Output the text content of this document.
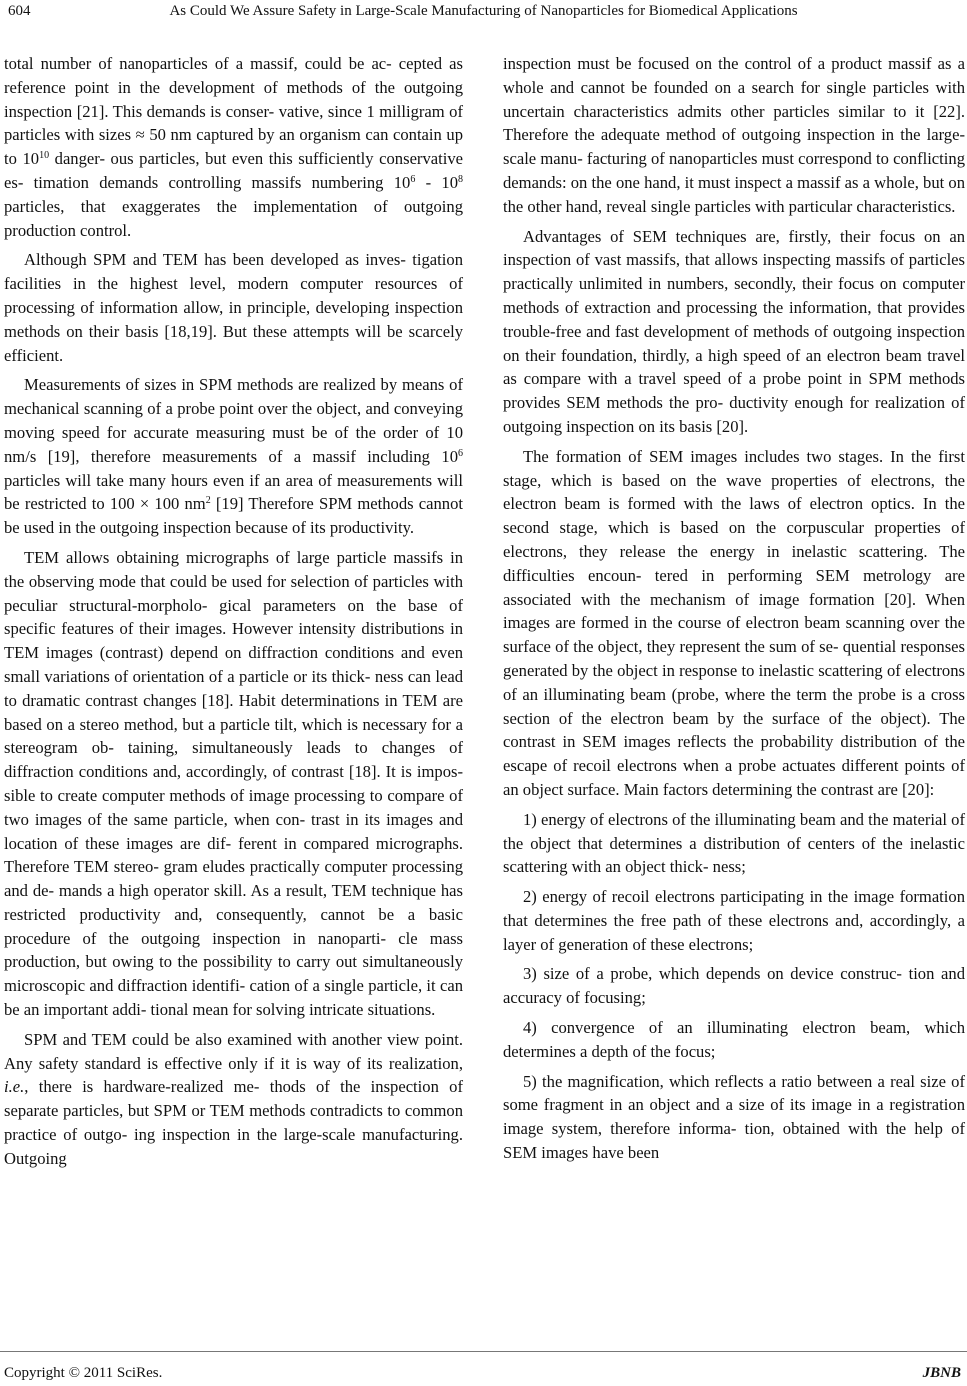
604	As Could We Assure Safety in Large-Scale Manufacturing of Nanoparticles for Biomedical Applications

total number of nanoparticles of a massif, could be ac- cepted as reference point in the development of methods of the outgoing inspection [21]. This demands is conser- vative, since 1 milligram of particles with sizes ≈ 50 nm captured by an organism can contain up to $10^{10}$ danger- ous particles, but even this sufficiently conservative es- timation demands controlling massifs numbering $10^6 - 10^8$ particles, that exaggerates the implementation of outgoing production control.

Although SPM and TEM has been developed as inves- tigation facilities in the highest level, modern computer resources of processing of information allow, in principle, developing inspection methods on their basis [18,19]. But these attempts will be scarcely efficient.

Measurements of sizes in SPM methods are realized by means of mechanical scanning of a probe point over the object, and conveying moving speed for accurate measuring must be of the order of 10 nm/s [19], therefore measurements of a massif including $10^6$ particles will take many hours even if an area of measurements will be restricted to 100 × 100 $nm^2$ [19] Therefore SPM methods cannot be used in the outgoing inspection because of its productivity.

TEM allows obtaining micrographs of large particle massifs in the observing mode that could be used for selection of particles with peculiar structural-morpholo- gical parameters on the base of specific features of their images. However intensity distributions in TEM images (contrast) depend on diffraction conditions and even small variations of orientation of a particle or its thick- ness can lead to dramatic contrast changes [18]. Habit determinations in TEM are based on a stereo method, but a particle tilt, which is necessary for a stereogram ob- taining, simultaneously leads to changes of diffraction conditions and, accordingly, of contrast [18]. It is impos- sible to create computer methods of image processing to compare of two images of the same particle, when con- trast in its images and location of these images are dif- ferent in compared micrographs. Therefore TEM stereo- gram eludes practically computer processing and de- mands a high operator skill. As a result, TEM technique has restricted productivity and, consequently, cannot be a basic procedure of the outgoing inspection in nanoparti- cle mass production, but owing to the possibility to carry out simultaneously microscopic and diffraction identifi- cation of a single particle, it can be an important addi- tional mean for solving intricate situations.

SPM and TEM could be also examined with another view point. Any safety standard is effective only if it is way of its realization, i.e., there is hardware-realized me- thods of the inspection of separate particles, but SPM or TEM methods contradicts to common practice of outgo- ing inspection in the large-scale manufacturing. Outgoing

inspection must be focused on the control of a product massif as a whole and cannot be founded on a search for single particles with uncertain characteristics admits other particles similar to it [22]. Therefore the adequate method of outgoing inspection in the large-scale manu- facturing of nanoparticles must correspond to conflicting demands: on the one hand, it must inspect a massif as a whole, but on the other hand, reveal single particles with particular characteristics.

Advantages of SEM techniques are, firstly, their focus on an inspection of vast massifs, that allows inspecting massifs of particles practically unlimited in numbers, secondly, their focus on computer methods of extraction and processing the information, that provides trouble-free and fast development of methods of outgoing inspection on their foundation, thirdly, a high speed of an electron beam travel as compare with a travel speed of a probe point in SPM methods provides SEM methods the pro- ductivity enough for realization of outgoing inspection on its basis [20].

The formation of SEM images includes two stages. In the first stage, which is based on the wave properties of electrons, the electron beam is formed with the laws of electron optics. In the second stage, which is based on the corpuscular properties of electrons, they release the energy in inelastic scattering. The difficulties encoun- tered in performing SEM metrology are associated with the mechanism of image formation [20]. When images are formed in the course of electron beam scanning over the surface of the object, they represent the sum of se- quential responses generated by the object in response to inelastic scattering of electrons of an illuminating beam (probe, where the term the probe is a cross section of the electron beam by the surface of the object). The contrast in SEM images reflects the probability distribution of the escape of recoil electrons when a probe actuates different points of an object surface. Main factors determining the contrast are [20]:

1) energy of electrons of the illuminating beam and the material of the object that determines a distribution of centers of the inelastic scattering with an object thick- ness;

2) energy of recoil electrons participating in the image formation that determines the free path of these electrons and, accordingly, a layer of generation of these electrons;

3) size of a probe, which depends on device construc- tion and accuracy of focusing;

4) convergence of an illuminating electron beam, which determines a depth of the focus;

5) the magnification, which reflects a ratio between a real size of some fragment in an object and a size of its image in a registration image system, therefore informa- tion, obtained with the help of SEM images have been

Copyright © 2011 SciRes.	JBNB
